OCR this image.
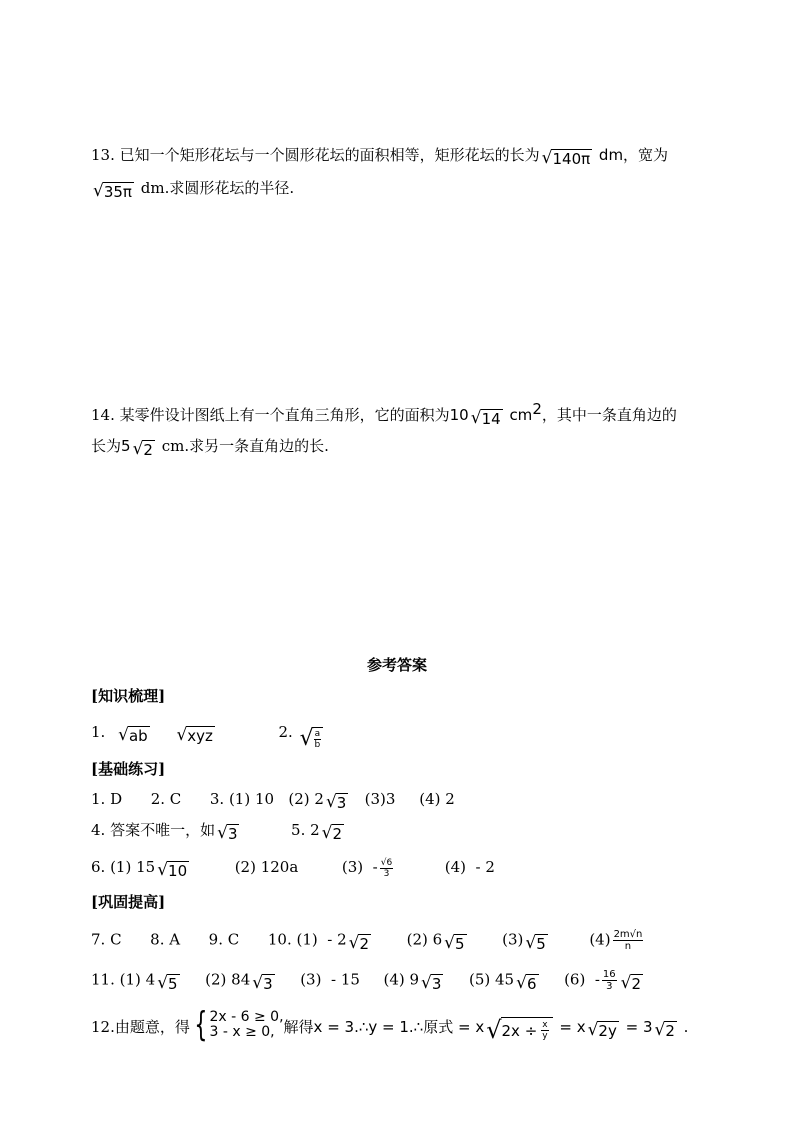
13. 已知一个矩形花坛与一个圆形花坛的面积相等，矩形花坛的长为 √ 140π dm，宽为
√ 35π dm.求圆形花坛的半径.
14. 某零件设计图纸上有一个直角三角形，它的面积为10 √ 14 $cm^2$，其中一条直角边的
长为5 √ 2 cm.求另一条直角边的长.
参考答案
[知识梳理]
1. √ ab
√ xyz	2. √ $\frac{a}{b}$
[基础练习]
1. D      2. C      3. (1) 10   (2) 2 √ 3 (3)3     (4) 2
4. 答案不唯一，如 √ 3	5. 2 √ 2
6. (1) 15 √ 10	(2) 120a	$(3) - \frac{√6}{3}$	(4)  - 2
[巩固提高]
7. C      8. A      9. C      10. (1)  - 2 √ 2	(2) 6 √ 5	(3) √ 5	$(4) \frac{2m√n}{n}$
11. (1) 4 √ 5 (2) 84 √ 3 (3)  - 15 (4) 9 √ 3 (5) 45 √ 6 $(6) - \frac{16}{3}$ √ 2
12.由题意，得 { 2x - 6 ≥ 0,
3 - x ≥ 0, 解得x = 3.∴y = 1.∴原式 = x √ $2x \div \frac{x}{y} = x$ √ 2y = 3 √ 2 .
